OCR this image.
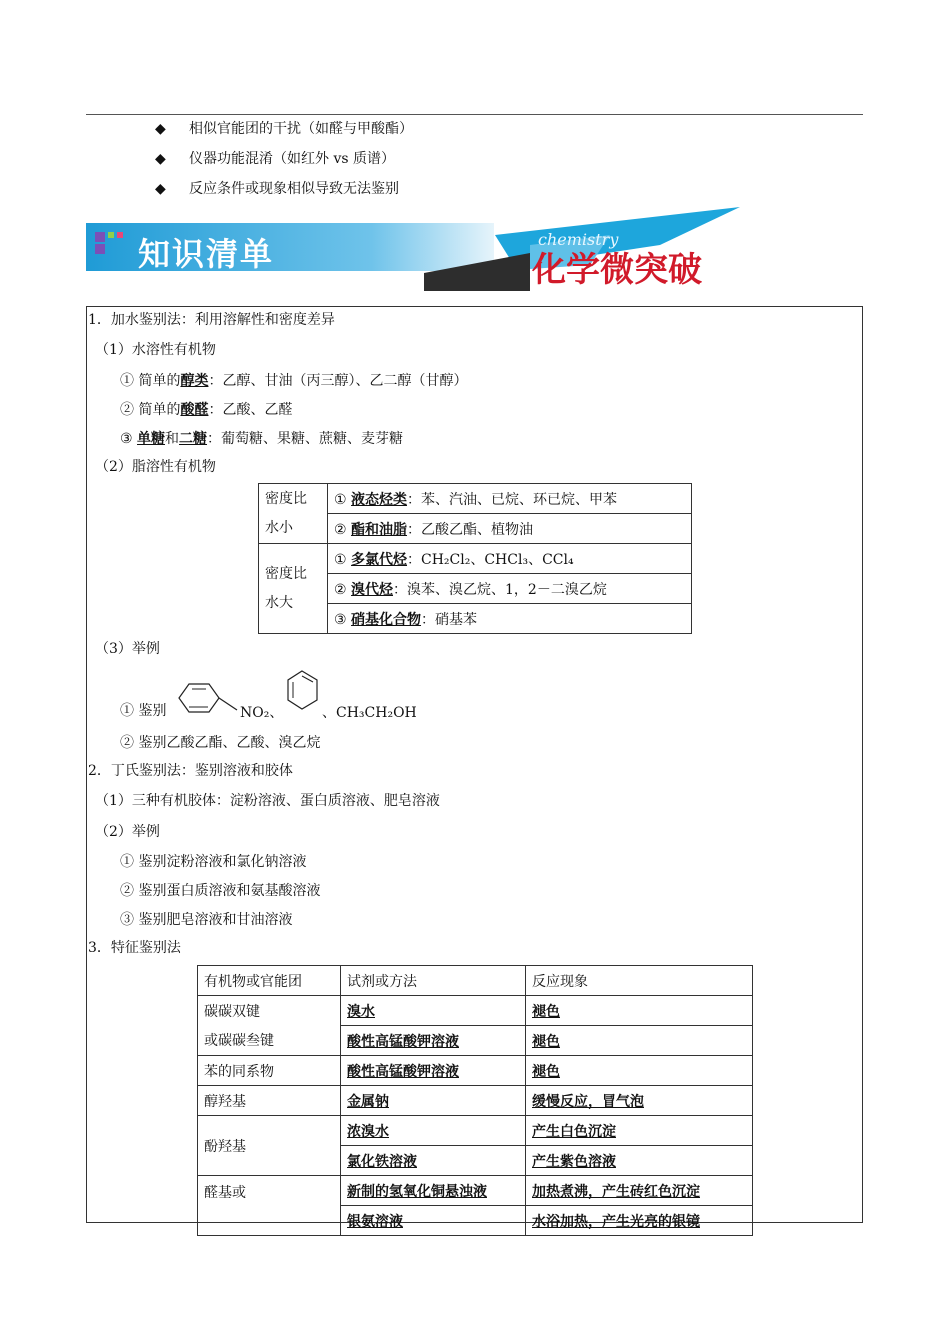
◆ 相似官能团的干扰（如醛与甲酸酯）
◆ 仪器功能混淆（如红外 vs 质谱）
◆ 反应条件或现象相似导致无法鉴别
知识清单	chemistry
化学微突破
1．加水鉴别法：利用溶解性和密度差异
（1）水溶性有机物
① 简单的醇类：乙醇、甘油（丙三醇）、乙二醇（甘醇）
② 简单的酸醛：乙酸、乙醛
③ 单糖和二糖：葡萄糖、果糖、蔗糖、麦芽糖
（2）脂溶性有机物
密度比
水小	① 液态烃类：苯、汽油、已烷、环已烷、甲苯
	② 酯和油脂：乙酸乙酯、植物油
密度比
水大	① 多氯代烃：CH₂Cl₂、CHCl₃、CCl₄
	② 溴代烃：溴苯、溴乙烷、1，2－二溴乙烷
	③ 硝基化合物：硝基苯
（3）举例
① 鉴别	NO₂、	、CH₃CH₂OH
② 鉴别乙酸乙酯、乙酸、溴乙烷
2．丁氏鉴别法：鉴别溶液和胶体
（1）三种有机胶体：淀粉溶液、蛋白质溶液、肥皂溶液
（2）举例
① 鉴别淀粉溶液和氯化钠溶液
② 鉴别蛋白质溶液和氨基酸溶液
③ 鉴别肥皂溶液和甘油溶液
3．特征鉴别法
有机物或官能团	试剂或方法	反应现象
碳碳双键	溴水	褪色
或碳碳叁键	酸性高锰酸钾溶液	褪色
苯的同系物	酸性高锰酸钾溶液	褪色
醇羟基	金属钠	缓慢反应，冒气泡
酚羟基	浓溴水	产生白色沉淀
	氯化铁溶液	产生紫色溶液
醛基或	新制的氢氧化铜悬浊液	加热煮沸，产生砖红色沉淀
	银氨溶液	水浴加热，产生光亮的银镜
